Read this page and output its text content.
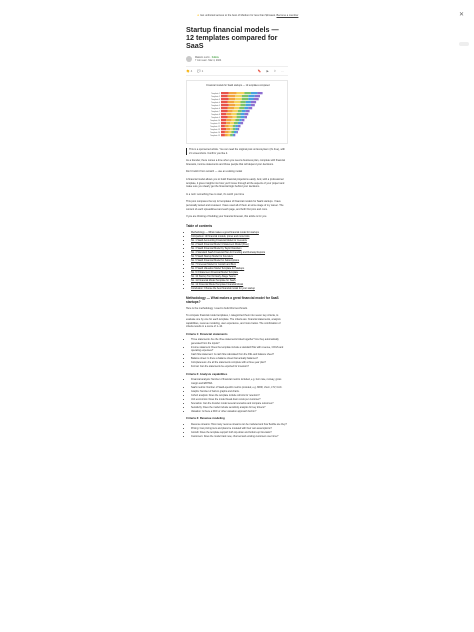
★ Get unlimited access to the best of Medium for less than $1/week. Become a member	✕
Startup financial models — 12 templates compared for SaaS
Maksim Luzin · Follow
7 min read · Mar 4, 2024
👏 4 💬 1	🔖 ▶ ⇪ …
Financial models for SaaS startups — 12 templates compared
Template 1
Template 2
Template 3
Template 4
Template 5
Template 6
Template 7
Template 8
Template 9
Template 10
Template 11
Template 12
Template 13
Template 14
Template 15

This is a sponsored article. You can read the original post on Ecosystem (it's free), with 21 screenshots. Confirm you like it.

As a founder, there comes a time when you need a business plan, complete with financial forecasts, income statements and those people that will depend your decisions.

Don't build it from scratch — use an existing model

A financial model allows you to build financial projections easily. And, with a professional template, it gives insights into how you'll move through all the aspects of your project and make sure you clearly get the financial logic behind your decisions.

In a rush: something free to start, it's worth your time

This post compares the top 12 templates of financial models for SaaS startups. I have personally tested and reviewed. I have used all of them at some stage of my career. The content of each spreadsheet and each page, and both first pros and cons.

If you are thinking of building your financial forecast, this article is for you.

Table of contents
• Methodology — What makes a good financial model for startups
• Comparison: All financial models, prices and more links
• No. 1 SaaS Accounting Financial Model for Investors
• No. 2 SaaS Financial Model 3-Statement Model (Free)
• No. 3 SaaS Financial Model by Taylor Davidson
• No. 4 Standard SaaS Financial Plan for Funding and Runway Reports
• No. 5 SaaS Startup Model for Founders
• No. 6 SaaS Financial Model for Subscriptions
• No. 7 Forecast Model for Growth and Burn
• No. 8 SaaS Valuation Model Template for Startups
• No. 9 3-Statement Financial Model Template
• No. 10 Startup Tool for Early-Stage Teams
• No. 11 Financial Model Template for SaaS
• No. 12 Financial Model Template Financial Model
• Conclusion: Choose the best financial model for your startup
Methodology — What makes a great financial model for SaaS startups?

Here is the methodology I used to build this benchmark.

To compare financial model templates, I categorized them into seven key criteria, to evaluate one by one for each template. The criteria are: financial statements, analysis capabilities, revenue modeling, user experience, and more below. The combination of criteria results in a score of 1–10.

Criteria 1: Financial statements
• Three statements: Are the three statements linked together? Are they automatically generated from the inputs?
• Income statement: Does the template include a standard P&L with revenue, COGS and operating expenses?
• Cash flow statement: Is cash flow calculated from the P&L and balance sheet?
• Balance sheet: Is there a balance sheet that actually balances?
• Completeness: Are all the statements complete with a three-year plan?
• Format: Can the statements be exported for investors?
Criteria 2: Analysis capabilities
• Financial analysis: Number of financial metrics included, e.g. burn rate, runway, gross margin and EBITDA.
• SaaS metrics: Number of SaaS-specific metrics provided, e.g. MRR, churn, LTV, CAC.
• Graphs: Number of built-in graphs and charts.
• Cohort analysis: Does the template include cohorts for retention?
• Unit economics: Does the model break down costs per customer?
• Scenarios: Can the founder model several scenarios and compare outcomes?
• Sensitivity: Does the model include sensitivity analysis for key drivers?
• Valuation: Is there a DCF or other valuation approach built in?
Criteria 3: Revenue modeling
• Revenue streams: How many revenue streams can be modeled and how flexible are they?
• Pricing: Can pricing tiers and plans be modeled with their own assumptions?
• Growth: Does the template support both top-down and bottom-up forecasts?
• Customers: Does the model track new, churned and existing customers over time?
